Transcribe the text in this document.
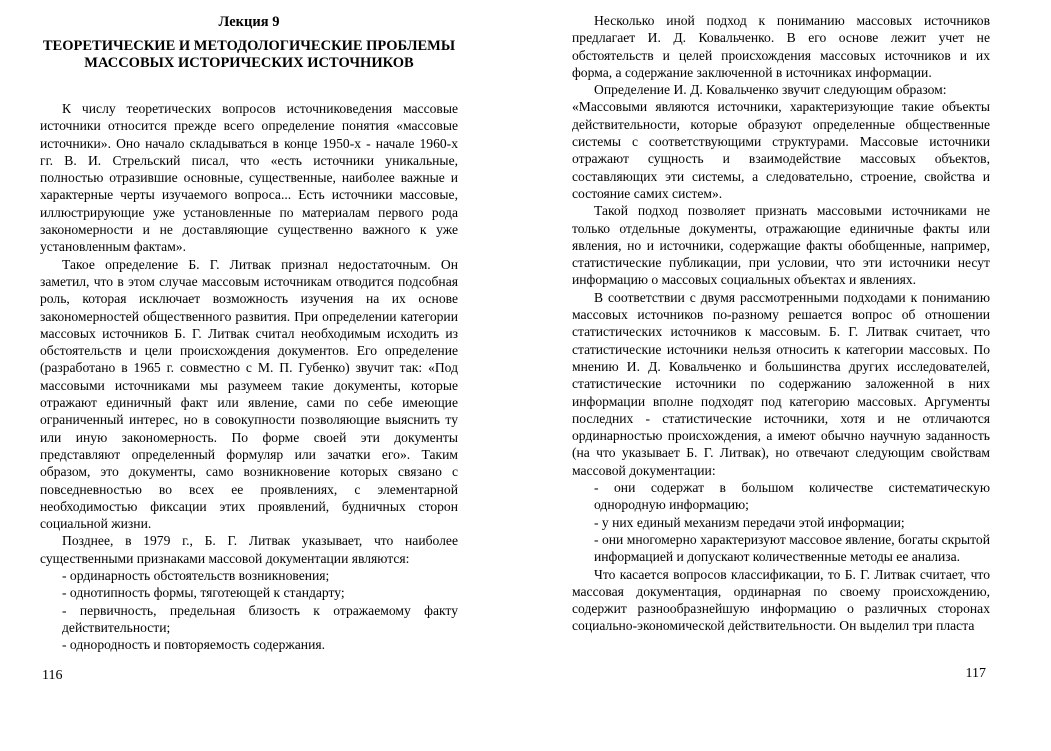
Лекция 9
ТЕОРЕТИЧЕСКИЕ И МЕТОДОЛОГИЧЕСКИЕ ПРОБЛЕМЫ МАССОВЫХ ИСТОРИЧЕСКИХ ИСТОЧНИКОВ

К числу теоретических вопросов источниковедения массовые источники относится прежде всего определение понятия «массовые источники». Оно начало складываться в конце 1950-х - начале 1960-х гг. В. И. Стрельский писал, что «есть источники уникальные, полностью отразившие основные, существенные, наиболее важные и характерные черты изучаемого вопроса... Есть источники массовые, иллюстрирующие уже установленные по материалам первого рода закономерности и не доставляющие существенно важного к уже установленным фактам».

Такое определение Б. Г. Литвак признал недостаточным. Он заметил, что в этом случае массовым источникам отводится подсобная роль, которая исключает возможность изучения на их основе закономерностей общественного развития. При определении категории массовых источников Б. Г. Литвак считал необходимым исходить из обстоятельств и цели происхождения документов. Его определение (разработано в 1965 г. совместно с М. П. Губенко) звучит так: «Под массовыми источниками мы разумеем такие документы, которые отражают единичный факт или явление, сами по себе имеющие ограниченный интерес, но в совокупности позволяющие выяснить ту или иную закономерность. По форме своей эти документы представляют определенный формуляр или зачатки его». Таким образом, это документы, само возникновение которых связано с повседневностью во всех ее проявлениях, с элементарной необходимостью фиксации этих проявлений, будничных сторон социальной жизни.

Позднее, в 1979 г., Б. Г. Литвак указывает, что наиболее существенными признаками массовой документации являются:

- ординарность обстоятельств возникновения;

- однотипность формы, тяготеющей к стандарту;

- первичность, предельная близость к отражаемому факту действительности;

- однородность и повторяемость содержания.

116

Несколько иной подход к пониманию массовых источников предлагает И. Д. Ковальченко. В его основе лежит учет не обстоятельств и целей происхождения массовых источников и их форма, а содержание заключенной в источниках информации.

Определение И. Д. Ковальченко звучит следующим образом:

«Массовыми являются источники, характеризующие такие объекты действительности, которые образуют определенные общественные системы с соответствующими структурами. Массовые источники отражают сущность и взаимодействие массовых объектов, составляющих эти системы, а следовательно, строение, свойства и состояние самих систем».

Такой подход позволяет признать массовыми источниками не только отдельные документы, отражающие единичные факты или явления, но и источники, содержащие факты обобщенные, например, статистические публикации, при условии, что эти источники несут информацию о массовых социальных объектах и явлениях.

В соответствии с двумя рассмотренными подходами к пониманию массовых источников по-разному решается вопрос об отношении статистических источников к массовым. Б. Г. Литвак считает, что статистические источники нельзя относить к категории массовых. По мнению И. Д. Ковальченко и большинства других исследователей, статистические источники по содержанию заложенной в них информации вполне подходят под категорию массовых. Аргументы последних - статистические источники, хотя и не отличаются ординарностью происхождения, а имеют обычно научную заданность (на что указывает Б. Г. Литвак), но отвечают следующим свойствам массовой документации:

- они содержат в большом количестве систематическую однородную информацию;

- у них единый механизм передачи этой информации;

- они многомерно характеризуют массовое явление, богаты скрытой информацией и допускают количественные методы ее анализа.

Что касается вопросов классификации, то Б. Г. Литвак считает, что массовая документация, ординарная по своему происхождению, содержит разнообразнейшую информацию о различных сторонах социально-экономической действительности. Он выделил три пласта

117
